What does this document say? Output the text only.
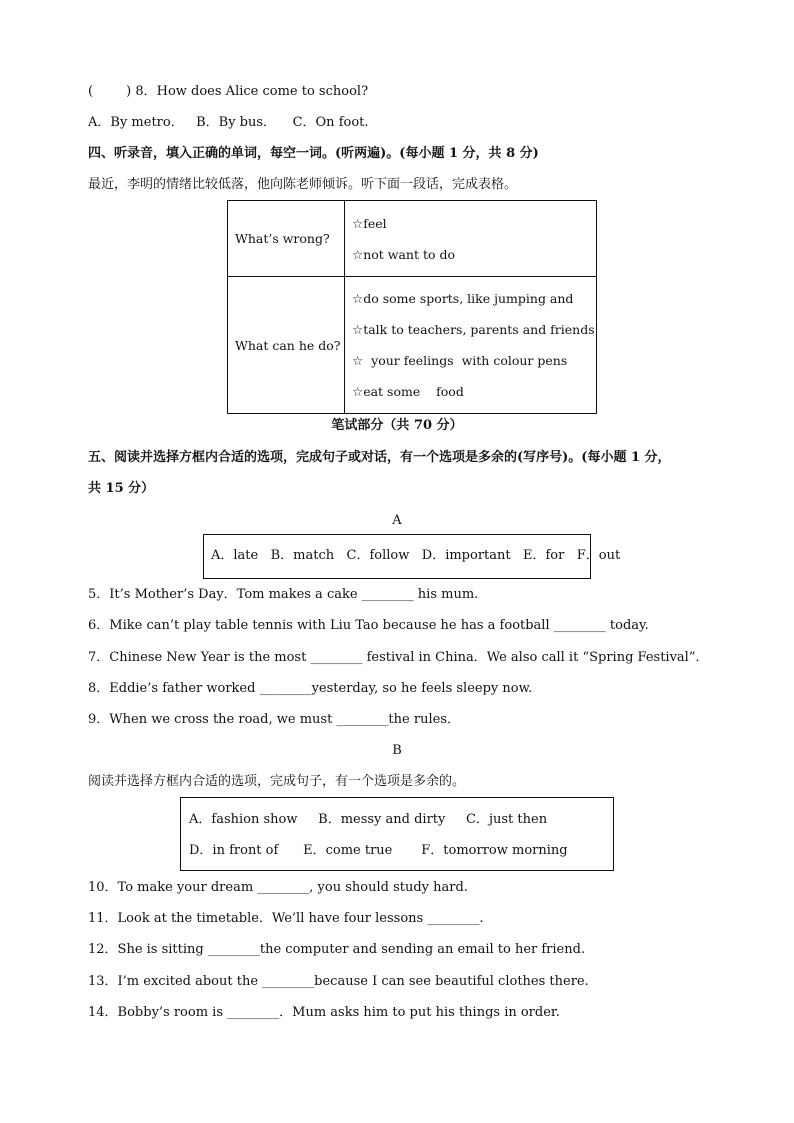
(        ) 8．How does Alice come to school?
A．By metro．   B．By bus．    C．On foot.
四、听录音，填入正确的单词，每空一词。(听两遍)。(每小题 1 分，共 8 分)
最近，李明的情绪比较低落，他向陈老师倾诉。听下面一段话，完成表格。
What’s wrong?	☆feel
☆not want to do

What can he do?	☆do some sports, like jumping and
☆talk to teachers, parents and friends
☆  your feelings  with colour pens
☆eat some    food
笔试部分（共 70 分）
五、阅读并选择方框内合适的选项，完成句子或对话，有一个选项是多余的(写序号)。(每小题 1 分，
共 15 分）
A
A．late   B．match   C．follow   D．important   E．for   F．out
5．It’s Mother’s Day．Tom makes a cake ________ his mum.
6．Mike can’t play table tennis with Liu Tao because he has a football ________ today.
7．Chinese New Year is the most ________ festival in China．We also call it “Spring Festival”．
8．Eddie’s father worked ________yesterday, so he feels sleepy now.
9．When we cross the road, we must ________the rules．
B
阅读并选择方框内合适的选项，完成句子，有一个选项是多余的。
A．fashion show     B．messy and dirty     C．just then
D．in front of      E．come true       F．tomorrow morning
10．To make your dream ________, you should study hard.
11．Look at the timetable．We’ll have four lessons ________.
12．She is sitting ________the computer and sending an email to her friend.
13．I’m excited about the ________because I can see beautiful clothes there.
14．Bobby’s room is ________．Mum asks him to put his things in order.
